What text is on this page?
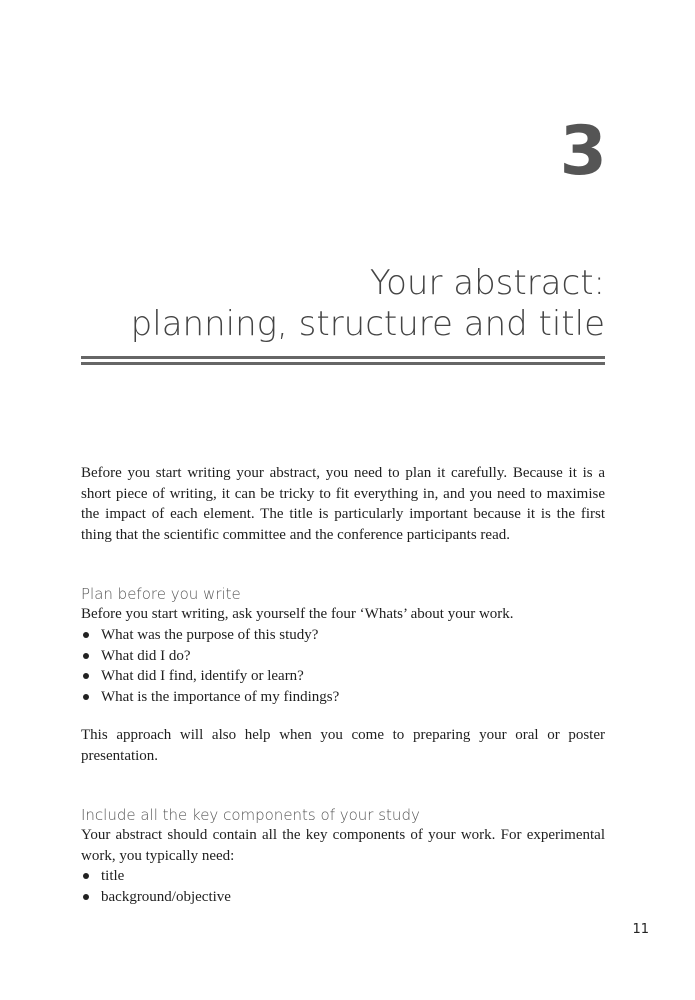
3
Your abstract:
planning, structure and title

Before you start writing your abstract, you need to plan it carefully. Because it is a short piece of writing, it can be tricky to fit everything in, and you need to maximise the impact of each element. The title is particularly important because it is the first thing that the scientific committee and the conference participants read.

Plan before you write

Before you start writing, ask yourself the four ‘Whats’ about your work.

What was the purpose of this study?
What did I do?
What did I find, identify or learn?
What is the importance of my findings?

This approach will also help when you come to preparing your oral or poster presentation.

Include all the key components of your study

Your abstract should contain all the key components of your work. For experimental work, you typically need:

title
background/objective
11
